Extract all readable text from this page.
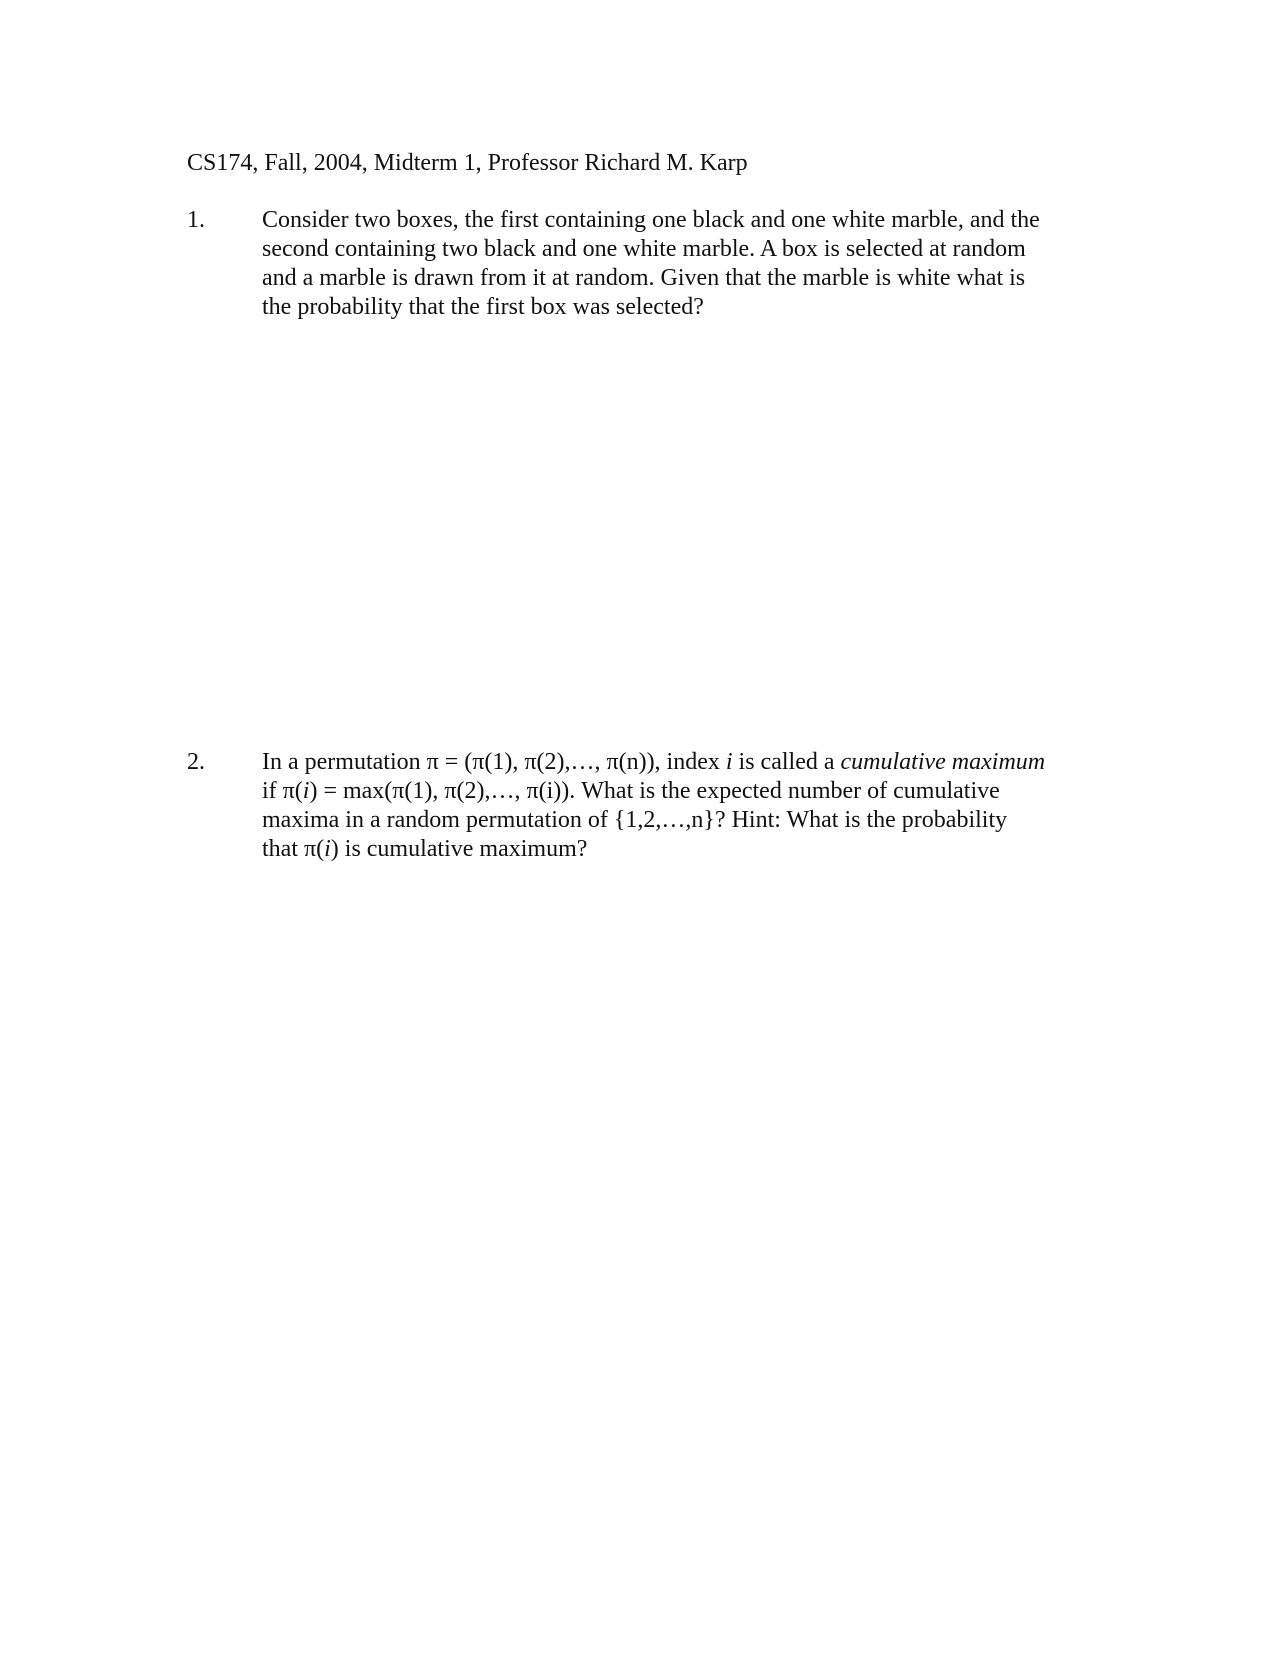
CS174, Fall, 2004, Midterm 1, Professor Richard M. Karp
1. Consider two boxes, the first containing one black and one white marble, and the
second containing two black and one white marble. A box is selected at random
and a marble is drawn from it at random. Given that the marble is white what is
the probability that the first box was selected?
2. In a permutation π = (π(1), π(2),…, π(n)), index i is called a cumulative maximum
if π(i) = max(π(1), π(2),…, π(i)). What is the expected number of cumulative
maxima in a random permutation of {1,2,…,n}? Hint: What is the probability
that π(i) is cumulative maximum?
